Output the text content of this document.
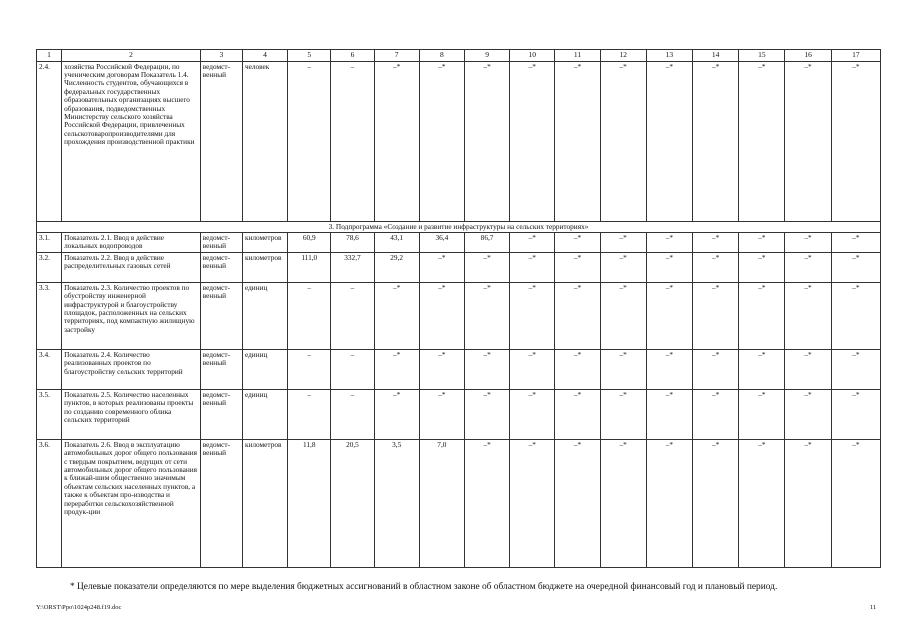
1	2	3	4	5	6	7	8	9	10	11	12	13	14	15	16	17
2.4.	хозяйства Российской Федерации, по ученическим договорам Показатель 1.4. Численность студентов, обучающихся в федеральных государственных образовательных организациях высшего образования, подведомственных Министерству сельского хозяйства Российской Федерации, привлеченных сельскотоваропроизводителями для прохождения производственной практики	ведомст-венный	человек	–	–	–*	–*	–*	–*	–*	–*	–*	–*	–*	–*	–*
3. Подпрограмма «Создание и развитие инфраструктуры на сельских территориях»																
3.1.	Показатель 2.1. Ввод в действие локальных водопроводов	ведомст-венный	километров	60,9	78,6	43,1	36,4	86,7	–*	–*	–*	–*	–*	–*	–*	–*
3.2.	Показатель 2.2. Ввод в действие распределительных газовых сетей	ведомст-венный	километров	111,0	332,7	29,2	–*	–*	–*	–*	–*	–*	–*	–*	–*	–*
3.3.	Показатель 2.3. Количество проектов по обустройству инженерной инфраструктурой и благоустройству площадок, расположенных на сельских территориях, под компактную жилищную застройку	ведомст-венный	единиц	–	–	–*	–*	–*	–*	–*	–*	–*	–*	–*	–*	–*
3.4.	Показатель 2.4. Количество реализованных проектов по благоустройству сельских территорий	ведомст-венный	единиц	–	–	–*	–*	–*	–*	–*	–*	–*	–*	–*	–*	–*
3.5.	Показатель 2.5. Количество населенных пунктов, в которых реализованы проекты по созданию современного облика сельских территорий	ведомст-венный	единиц	–	–	–*	–*	–*	–*	–*	–*	–*	–*	–*	–*	–*
3.6.	Показатель 2.6. Ввод в эксплуатацию автомобильных дорог общего пользования с твердым покрытием, ведущих от сети автомобильных дорог общего пользования к ближай-шим общественно значимым объектам сельских населенных пунктов, а также к объектам про-изводства и переработки сельскохозяйственной продук-ции	ведомст-венный	километров	11,8	20,5	3,5	7,0	–*	–*	–*	–*	–*	–*	–*	–*	–*
* Целевые показатели определяются по мере выделения бюджетных ассигнований в областном законе об областном бюджете на очередной финансовый год и плановый период.
Y:\ORST\Ppo\1024p248.f19.doc	11
